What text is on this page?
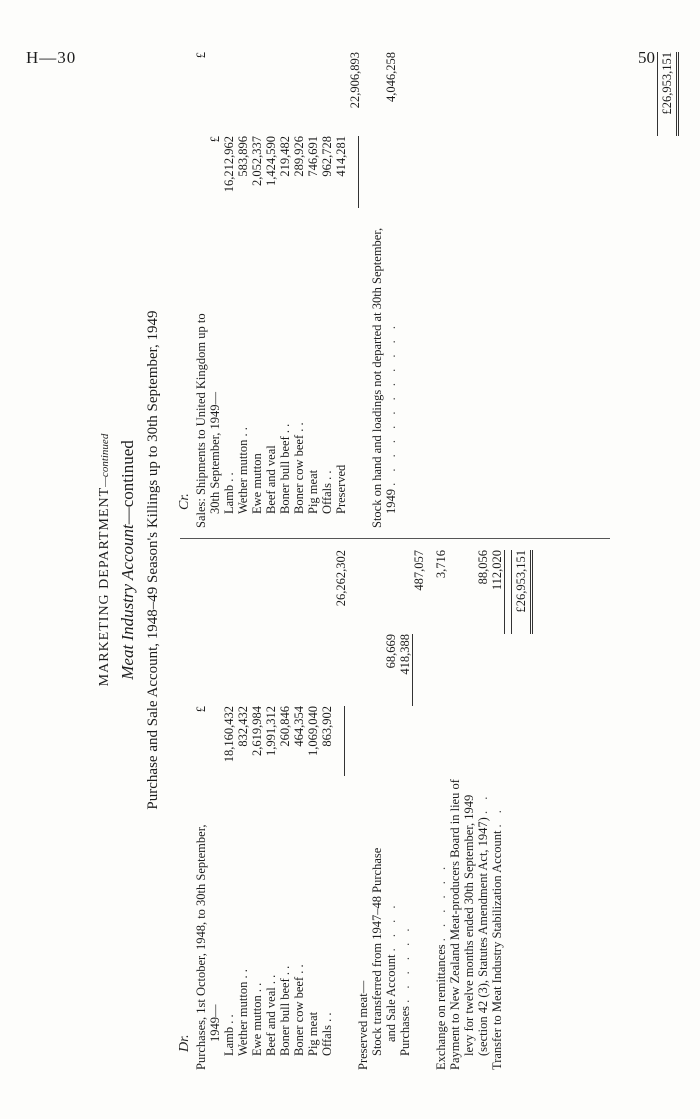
H—30	50
MARKETING DEPARTMENT—continued
Meat Industry Account—continued Purchase and Sale Account, 1948–49 Season's Killings up to 30th September, 1949
Dr. Purchases, 1st October, 1948, to 30th September,
£
1949— Lamb . .
18,160,432
Wether mutton . .
832,432
Ewe mutton . .
2,619,984
Beef and veal . .
1,991,312
Boner bull beef . .
260,846
Boner cow beef . .
464,354
Pig meat
1,069,040
Offals . .
863,902
26,262,302
Preserved meat— Stock transferred from 1947–48 Purchase and Sale Account . . . .
68,669
Purchases . . . . . .
418,388
487,057
Exchange on remittances . . . . . .
3,716
Payment to New Zealand Meat-producers Board in lieu of levy for twelve months ended 30th September, 1949 (section 42 (3), Statutes Amendment Act, 1947) . .
88,056
Transfer to Meat Industry Stabilization Account . .
112,020 £26,953,151
Cr. Sales: Shipments to United Kingdom up to
£
30th September, 1949—
£
Lamb . .
16,212,962
Wether mutton . .
583,896
Ewe mutton
2,052,337
Beef and veal
1,424,590
Boner bull beef . .
219,482
Boner cow beef . .
289,926
Pig meat
746,691
Offals . .
962,728
Preserved
414,281
22,906,893
Stock on hand and loadings not departed at 30th September, 1949 . . . . . . . . . . . .
4,046,258	£26,953,151
